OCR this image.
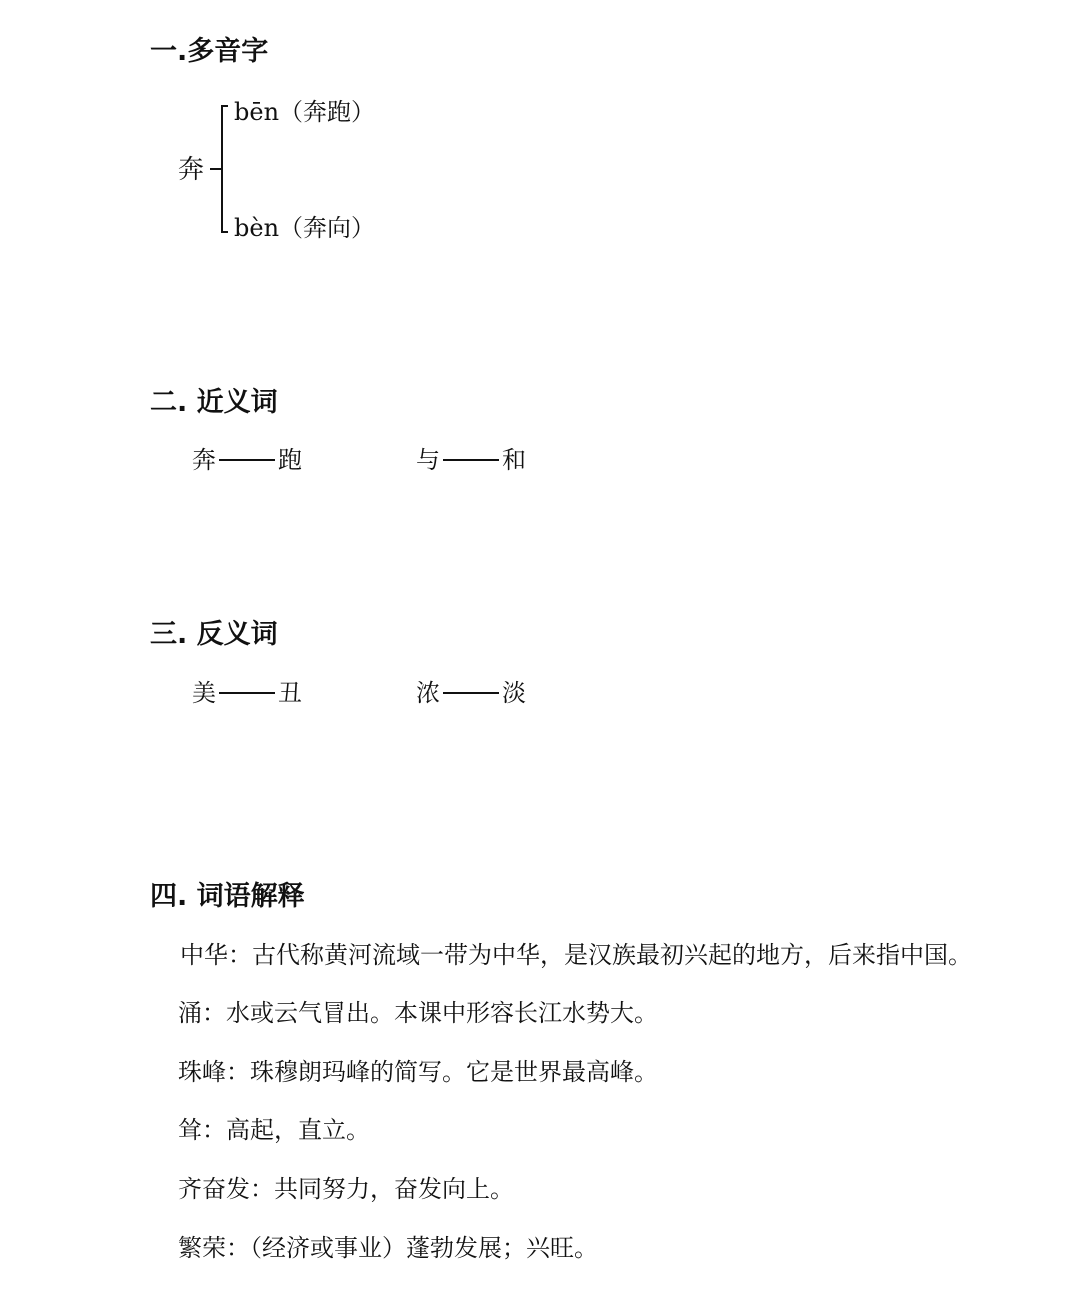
一.多音字
奔
bēn（奔跑）
bèn（奔向）
二. 近义词
奔	跑	与	和
三. 反义词
美	丑	浓	淡
四. 词语解释
中华：古代称黄河流域一带为中华，是汉族最初兴起的地方，后来指中国。
涌：水或云气冒出。本课中形容长江水势大。
珠峰：珠穆朗玛峰的简写。它是世界最高峰。
耸：高起，直立。
齐奋发：共同努力，奋发向上。
繁荣：（经济或事业）蓬勃发展；兴旺。
